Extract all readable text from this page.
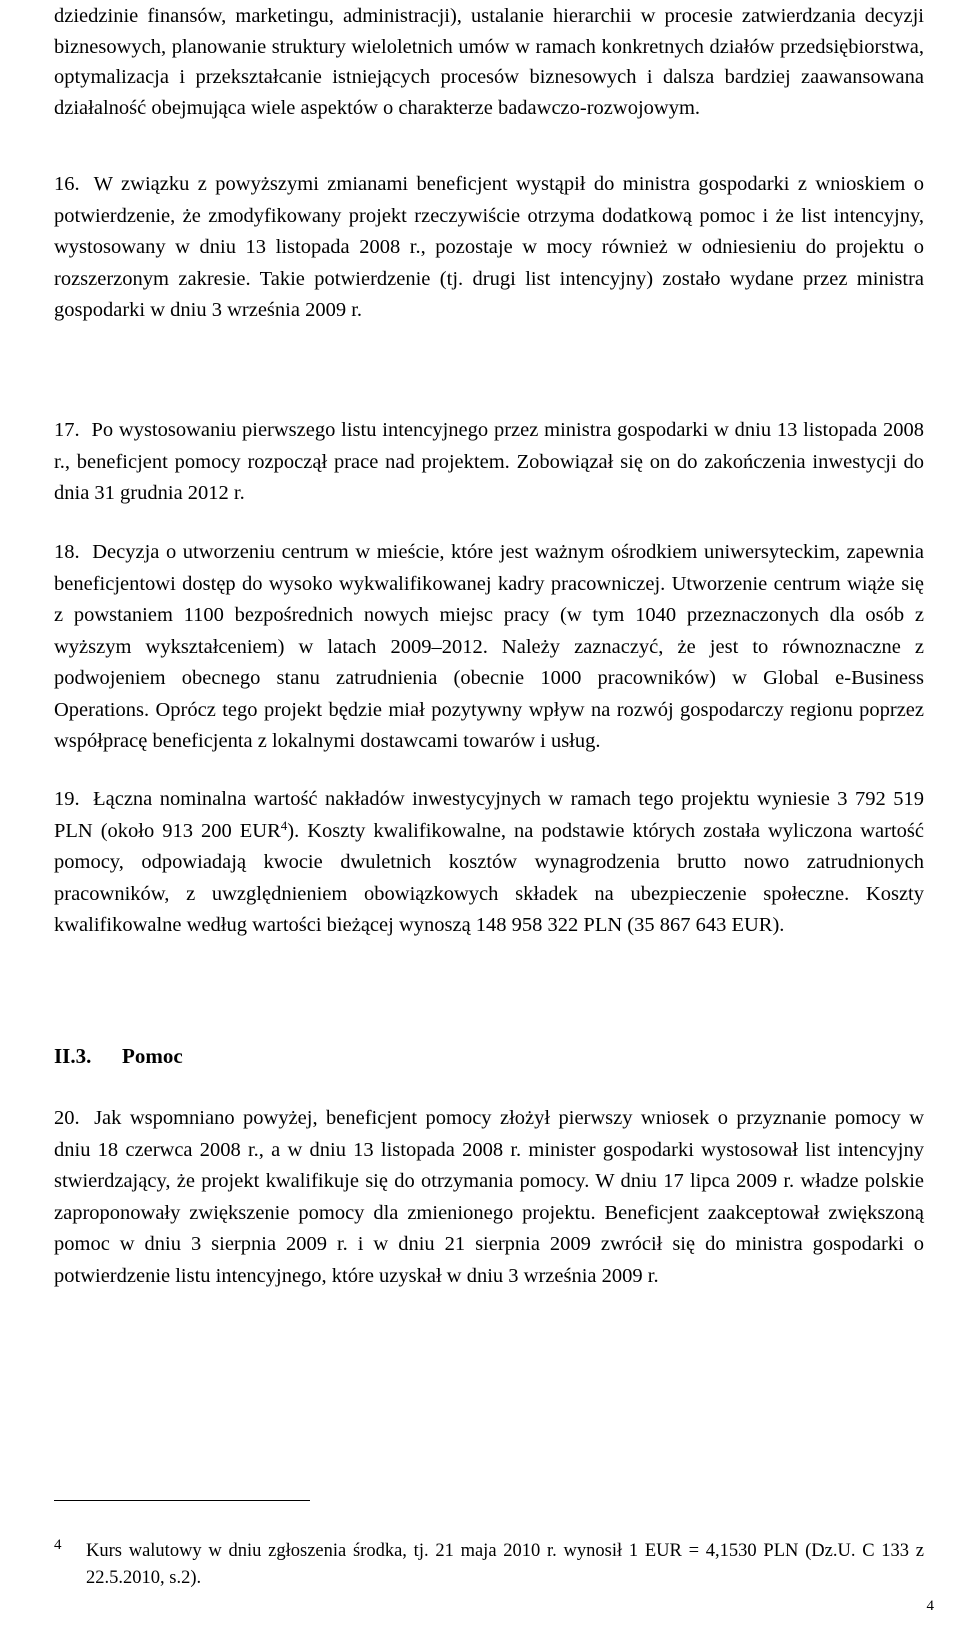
dziedzinie finansów, marketingu, administracji), ustalanie hierarchii w procesie zatwierdzania decyzji biznesowych, planowanie struktury wieloletnich umów w ramach konkretnych działów przedsiębiorstwa, optymalizacja i przekształcanie istniejących procesów biznesowych i dalsza bardziej zaawansowana działalność obejmująca wiele aspektów o charakterze badawczo-rozwojowym.
16. W związku z powyższymi zmianami beneficjent wystąpił do ministra gospodarki z wnioskiem o potwierdzenie, że zmodyfikowany projekt rzeczywiście otrzyma dodatkową pomoc i że list intencyjny, wystosowany w dniu 13 listopada 2008 r., pozostaje w mocy również w odniesieniu do projektu o rozszerzonym zakresie. Takie potwierdzenie (tj. drugi list intencyjny) zostało wydane przez ministra gospodarki w dniu 3 września 2009 r.
17. Po wystosowaniu pierwszego listu intencyjnego przez ministra gospodarki w dniu 13 listopada 2008 r., beneficjent pomocy rozpoczął prace nad projektem. Zobowiązał się on do zakończenia inwestycji do dnia 31 grudnia 2012 r.
18. Decyzja o utworzeniu centrum w mieście, które jest ważnym ośrodkiem uniwersyteckim, zapewnia beneficjentowi dostęp do wysoko wykwalifikowanej kadry pracowniczej. Utworzenie centrum wiąże się z powstaniem 1100 bezpośrednich nowych miejsc pracy (w tym 1040 przeznaczonych dla osób z wyższym wykształceniem) w latach 2009–2012. Należy zaznaczyć, że jest to równoznaczne z podwojeniem obecnego stanu zatrudnienia (obecnie 1000 pracowników) w Global e-Business Operations. Oprócz tego projekt będzie miał pozytywny wpływ na rozwój gospodarczy regionu poprzez współpracę beneficjenta z lokalnymi dostawcami towarów i usług.
19. Łączna nominalna wartość nakładów inwestycyjnych w ramach tego projektu wyniesie 3 792 519 PLN (około 913 200 EUR$^4$). Koszty kwalifikowalne, na podstawie których została wyliczona wartość pomocy, odpowiadają kwocie dwuletnich kosztów wynagrodzenia brutto nowo zatrudnionych pracowników, z uwzględnieniem obowiązkowych składek na ubezpieczenie społeczne. Koszty kwalifikowalne według wartości bieżącej wynoszą 148 958 322 PLN (35 867 643 EUR).
II.3. Pomoc
20. Jak wspomniano powyżej, beneficjent pomocy złożył pierwszy wniosek o przyznanie pomocy w dniu 18 czerwca 2008 r., a w dniu 13 listopada 2008 r. minister gospodarki wystosował list intencyjny stwierdzający, że projekt kwalifikuje się do otrzymania pomocy. W dniu 17 lipca 2009 r. władze polskie zaproponowały zwiększenie pomocy dla zmienionego projektu. Beneficjent zaakceptował zwiększoną pomoc w dniu 3 sierpnia 2009 r. i w dniu 21 sierpnia 2009 zwrócił się do ministra gospodarki o potwierdzenie listu intencyjnego, które uzyskał w dniu 3 września 2009 r.
4 Kurs walutowy w dniu zgłoszenia środka, tj. 21 maja 2010 r. wynosił 1 EUR = 4,1530 PLN (Dz.U. C 133 z 22.5.2010, s.2).
4
